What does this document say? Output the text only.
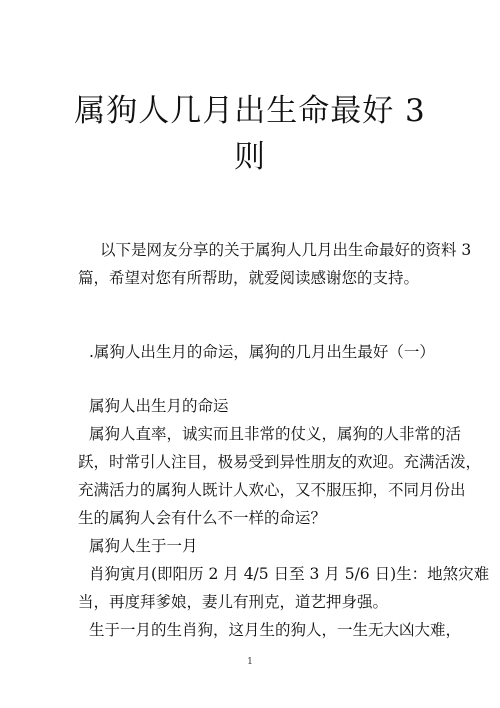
属狗人几月出生命最好 3
则
以下是网友分享的关于属狗人几月出生命最好的资料 3
篇，希望对您有所帮助，就爱阅读感谢您的支持。
.属狗人出生月的命运，属狗的几月出生最好（一）
属狗人出生月的命运
属狗人直率，诚实而且非常的仗义，属狗的人非常的活
跃，时常引人注目，极易受到异性朋友的欢迎。充满活泼，
充满活力的属狗人既计人欢心，又不服压抑，不同月份出
生的属狗人会有什么不一样的命运？
属狗人生于一月
肖狗寅月(即阳历 2 月 4/5 日至 3 月 5/6 日)生：地煞灾难
当，再度拜爹娘，妻儿有刑克，道艺押身强。
生于一月的生肖狗，这月生的狗人，一生无大凶大难，
1
